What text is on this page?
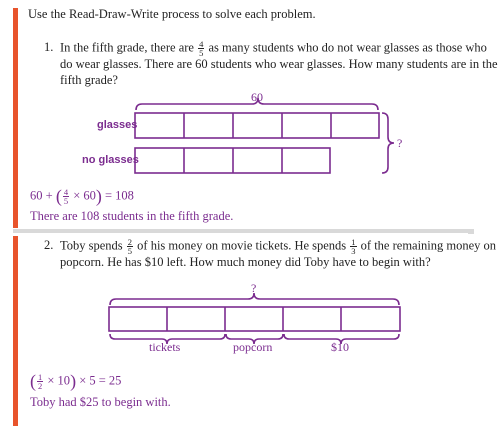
Use the Read-Draw-Write process to solve each problem.
1. In the fifth grade, there are $\frac{4}{5}$ as many students who do not wear glasses as those who
do wear glasses. There are 60 students who wear glasses. How many students are in the
fifth grade?
60
glasses
no glasses
?
60 + ( $\frac{4}{5} \times 60) = 108$
There are 108 students in the fifth grade.
2. Toby spends $\frac{2}{5}$ of his money on movie tickets. He spends $\frac{1}{3}$ of the remaining money on
popcorn. He has $10 left. How much money did Toby have to begin with?
?
tickets	popcorn	$10
( $\frac{1}{2} \times 10) \times 5 = 25$
Toby had $25 to begin with.
